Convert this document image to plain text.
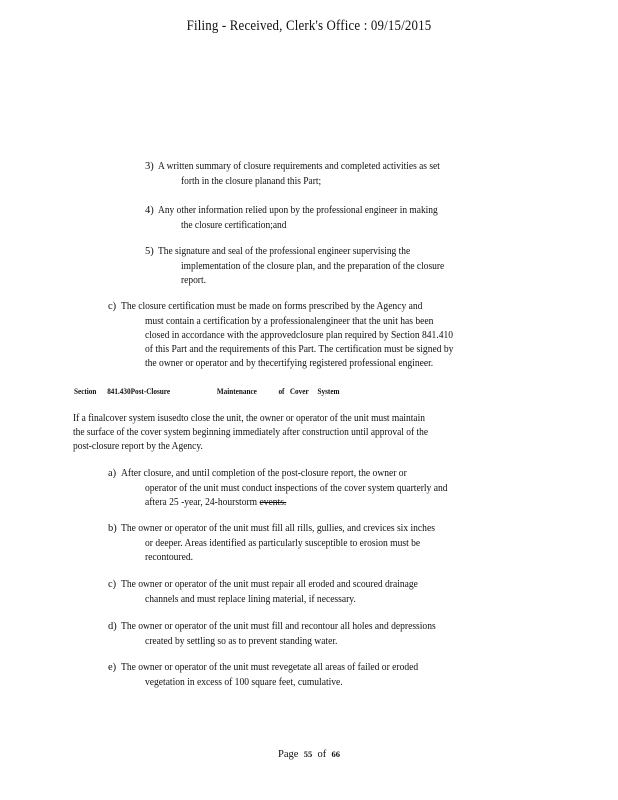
Filing - Received, Clerk's Office : 09/15/2015
3) A written summary of closure requirements and completed activities as set
forth in the closure planand this Part;
4) Any other information relied upon by the professional engineer in making
the closure certification;and
5) The signature and seal of the professional engineer supervising the
implementation of the closure plan, and the preparation of the closure
report.
c) The closure certification must be made on forms prescribed by the Agency and
must contain a certification by a professionalengineer that the unit has been
closed in accordance with the approvedclosure plan required by Section 841.410
of this Part and the requirements of this Part. The certification must be signed by
the owner or operator and by thecertifying registered professional engineer.
Section      841.430Post-Closure                          Maintenance            of   Cover     System
If a finalcover system isusedto close the unit, the owner or operator of the unit must maintain
the surface of the cover system beginning immediately after construction until approval of the
post-closure report by the Agency.
a) After closure, and until completion of the post-closure report, the owner or
operator of the unit must conduct inspections of the cover system quarterly and
aftera 25 -year, 24-hourstorm events.
b) The owner or operator of the unit must fill all rills, gullies, and crevices six inches
or deeper. Areas identified as particularly susceptible to erosion must be
recontoured.
c) The owner or operator of the unit must repair all eroded and scoured drainage
channels and must replace lining material, if necessary.
d) The owner or operator of the unit must fill and recontour all holes and depressions
created by settling so as to prevent standing water.
e) The owner or operator of the unit must revegetate all areas of failed or eroded
vegetation in excess of 100 square feet, cumulative.
Page 55 of 66
